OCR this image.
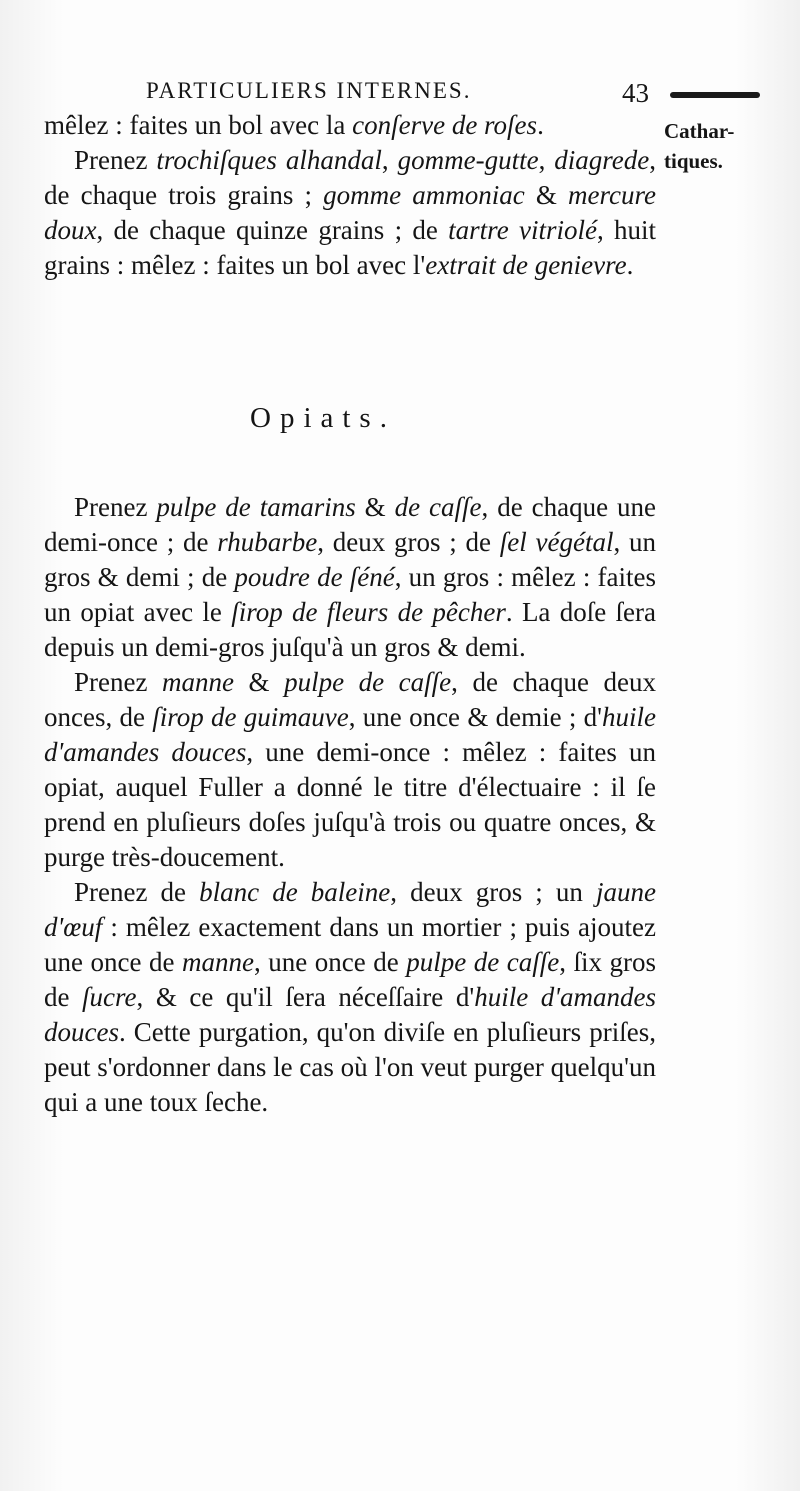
PARTICULIERS INTERNES.	43
Cathar-
tiques.

mêlez : faites un bol avec la conſerve de roſes.

Prenez trochiſques alhandal, gomme-gutte, diagrede, de chaque trois grains ; gomme ammoniac & mercure doux, de chaque quinze grains ; de tartre vitriolé, huit grains : mêlez : faites un bol avec l'extrait de genievre.

Opiats.

Prenez pulpe de tamarins & de caſſe, de chaque une demi-once ; de rhubarbe, deux gros ; de ſel végétal, un gros & demi ; de poudre de ſéné, un gros : mêlez : faites un opiat avec le ſirop de fleurs de pêcher. La doſe ſera depuis un demi-gros juſqu'à un gros & demi.

Prenez manne & pulpe de caſſe, de chaque deux onces, de ſirop de guimauve, une once & demie ; d'huile d'amandes douces, une demi-once : mêlez : faites un opiat, auquel Fuller a donné le titre d'électuaire : il ſe prend en pluſieurs doſes juſqu'à trois ou quatre onces, & purge très-doucement.

Prenez de blanc de baleine, deux gros ; un jaune d'œuf : mêlez exactement dans un mortier ; puis ajoutez une once de manne, une once de pulpe de caſſe, ſix gros de ſucre, & ce qu'il ſera néceſſaire d'huile d'amandes douces. Cette purgation, qu'on diviſe en pluſieurs priſes, peut s'ordonner dans le cas où l'on veut purger quelqu'un qui a une toux ſeche.
